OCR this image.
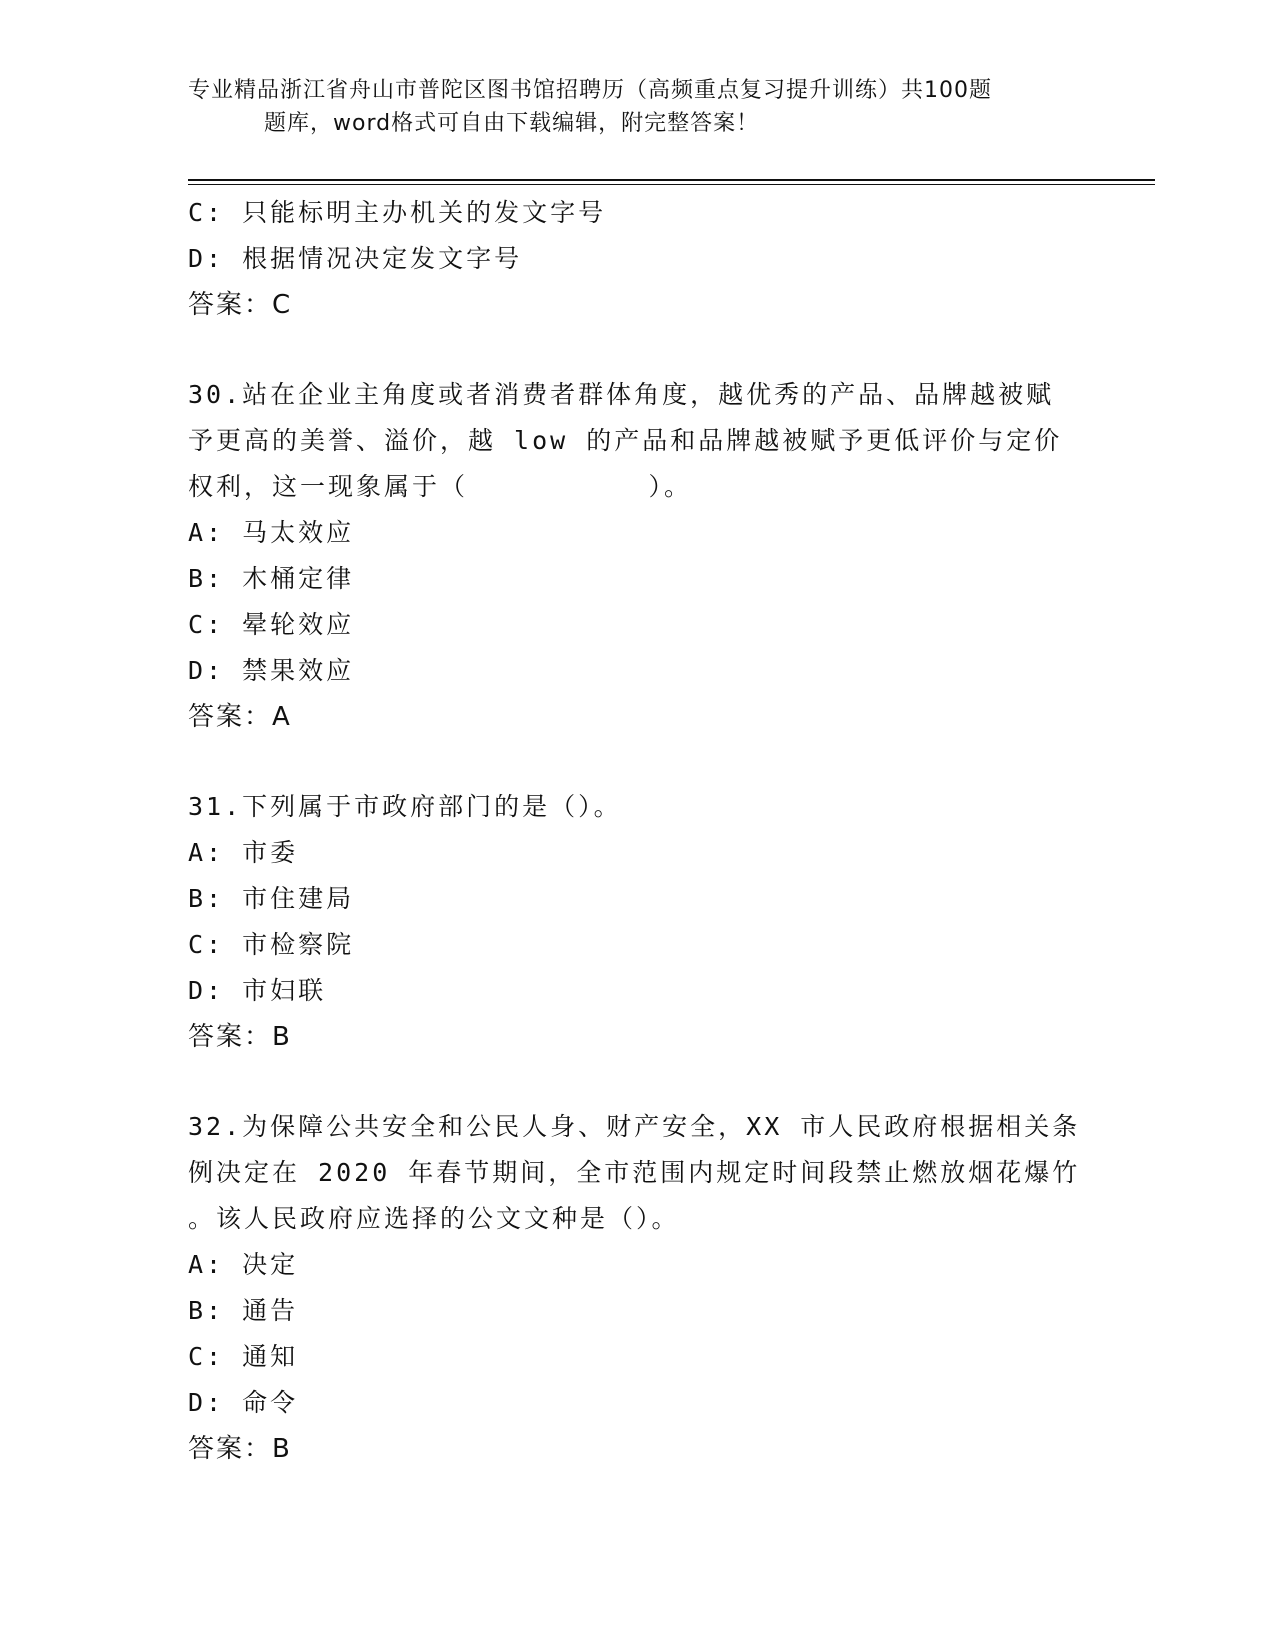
专业精品浙江省舟山市普陀区图书馆招聘历（高频重点复习提升训练）共100题
题库，word格式可自由下载编辑，附完整答案！
C: 只能标明主办机关的发文字号
D: 根据情况决定发文字号
答案：C
30.站在企业主角度或者消费者群体角度，越优秀的产品、品牌越被赋
予更高的美誉、溢价，越 low 的产品和品牌越被赋予更低评价与定价
权利，这一现象属于（          ）。
A: 马太效应
B: 木桶定律
C: 晕轮效应
D: 禁果效应
答案：A
31.下列属于市政府部门的是（）。
A: 市委
B: 市住建局
C: 市检察院
D: 市妇联
答案：B
32.为保障公共安全和公民人身、财产安全，XX 市人民政府根据相关条
例决定在 2020 年春节期间，全市范围内规定时间段禁止燃放烟花爆竹
。该人民政府应选择的公文文种是（）。
A: 决定
B: 通告
C: 通知
D: 命令
答案：B
